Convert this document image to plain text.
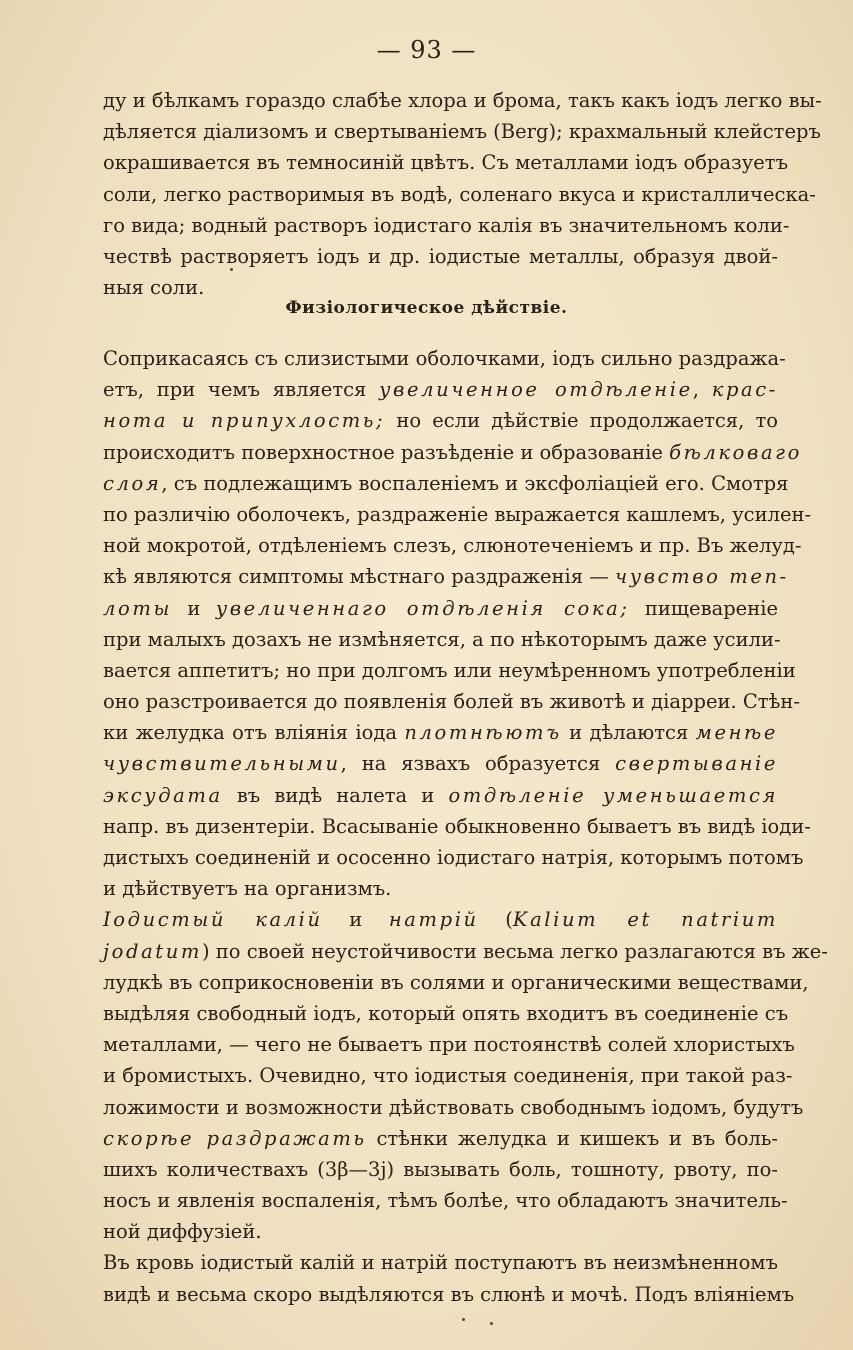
— 93 —
ду и бѣлкамъ гораздо слабѣе хлора и брома, такъ какъ iодъ легко вы-
дѣляется дiализомъ и свертываніемъ (Berg); крахмальный клейстеръ
окрашивается въ темносиній цвѣтъ. Съ металлами iодъ образуетъ
соли, легко растворимыя въ водѣ, соленаго вкуса и кристаллическа-
го вида; водный растворъ iодистаго калія въ значительномъ коли-
чествѣ растворяетъ iодъ и др. iодистые металлы, образуя двой-
ныя соли.
Физiологическое дѣйствiе.
Соприкасаясь съ слизистыми оболочками, iодъ сильно раздража-
етъ, при чемъ является увеличенное отдѣленiе, крас-
нота и припухлость; но если дѣйствiе продолжается, то
происходитъ поверхностное разъѣденiе и образованiе бѣлковаго
слоя, съ подлежащимъ воспаленiемъ и эксфолiацiей его. Смотря
по различiю оболочекъ, раздраженiе выражается кашлемъ, усилен-
ной мокротой, отдѣленiемъ слезъ, слюнотеченiемъ и пр. Въ желуд-
кѣ являются симптомы мѣстнаго раздраженiя — чувство теп-
лоты и увеличеннаго отдѣленiя сока; пищеваренiе
при малыхъ дозахъ не измѣняется, а по нѣкоторымъ даже усили-
вается аппетитъ; но при долгомъ или неумѣренномъ употребленiи
оно разстроивается до появленiя болей въ животѣ и дiарреи. Стѣн-
ки желудка отъ влiянiя iода плотнѣютъ и дѣлаются менѣе
чувствительными, на язвахъ образуется свертыванiе
эксудата въ видѣ налета и отдѣленiе уменьшается
напр. въ дизентерiи. Всасыванiе обыкновенно бываетъ въ видѣ iоди-
дистыхъ соединенiй и ососенно iодистаго натрiя, которымъ потомъ
и дѣйствуетъ на организмъ.
Iодистый калiй и натрiй (Kalium et natrium
jodatum) по своей неустойчивости весьма легко разлагаются въ же-
лудкѣ въ соприкосновенiи въ солями и органическими веществами,
выдѣляя свободный iодъ, который опять входитъ въ соединенiе съ
металлами, — чего не бываетъ при постоянствѣ солей хлористыхъ
и бромистыхъ. Очевидно, что iодистыя соединенiя, при такой раз-
ложимости и возможности дѣйствовать свободнымъ iодомъ, будутъ
скорѣе раздражать стѣнки желудка и кишекъ и въ боль-
шихъ количествахъ (3β—3j) вызывать боль, тошноту, рвоту, по-
носъ и явленiя воспаленiя, тѣмъ болѣе, что обладаютъ значитель-
ной диффузiей.
Въ кровь iодистый калiй и натрiй поступаютъ въ неизмѣненномъ
видѣ и весьма скоро выдѣляются въ слюнѣ и мочѣ. Подъ влiянiемъ
